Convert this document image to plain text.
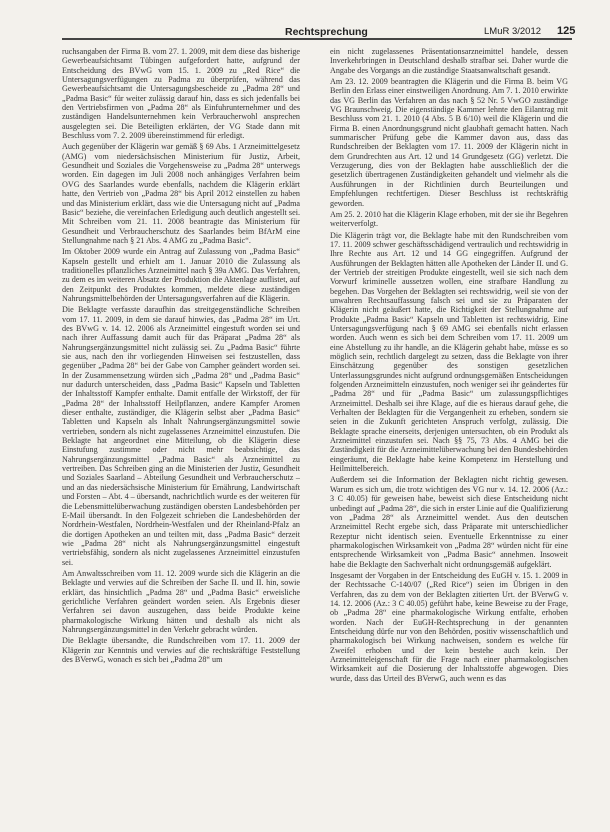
Rechtsprechung	LMuR 3/2012	125

ruchsangaben der Firma B. vom 27. 1. 2009, mit dem diese das bisherige Gewerbeaufsichtsamt Tübingen aufgefordert hatte, aufgrund der Entscheidung des BVwG vom 15. 1. 2009 zu „Red Rice“ die Untersagungsverfügungen zu Padma zu überprüfen, während das Gewerbeaufsichtsamt die Untersagungsbescheide zu „Padma 28“ und „Padma Basic“ für weiter zulässig darauf hin, dass es sich jedenfalls bei den Vertriebsfirmen von „Padma 28“ als Einfuhrunternehmer und des zuständigen Handelsunternehmen kein Verbraucherwohl ansprechen ausgelegten sei. Die Beteiligten erklärten, der VG Stade dann mit Beschluss vom 7. 2. 2009 übereinstimmend für erledigt.

Auch gegenüber der Klägerin war gemäß § 69 Abs. 1 Arzneimittelgesetz (AMG) vom niedersächsischen Ministerium für Justiz, Arbeit, Gesundheit und Soziales die Vorgehensweise zu „Padma 28“ unterwegs worden. Ein dagegen im Juli 2008 noch anhängiges Verfahren beim OVG des Saarlandes wurde ebenfalls, nachdem die Klägerin erklärt hatte, den Vertrieb von „Padma 28“ bis April 2012 einstellen zu haben und das Ministerium erklärt, dass wie die Untersagung nicht auf „Padma Basic“ beziehe, die vereinfachen Erledigung auch deutlich angestellt sei. Mit Schreiben vom 21. 11. 2008 beantragte das Ministerium für Gesundheit und Verbraucherschutz des Saarlandes beim BfArM eine Stellungnahme nach § 21 Abs. 4 AMG zu „Padma Basic“.

Im Oktober 2009 wurde ein Antrag auf Zulassung von „Padma Basic“ Kapseln gestellt und erhielt am 1. Januar 2010 die Zulassung als traditionelles pflanzliches Arzneimittel nach § 39a AMG. Das Verfahren, zu dem es im weiteren Absatz der Produktion die Aktenlage auflistet, auf den Zeitpunkt des Produktes kommen, meldete diese zuständigen Nahrungsmittelbehörden der Untersagungsverfahren auf die Klägerin.

Die Beklagte verfasste daraufhin das streitgegenständliche Schreiben vom 17. 11. 2009, in dem sie darauf hinwies, das „Padma 28“ im Urt. des BVwG v. 14. 12. 2006 als Arzneimittel eingestuft worden sei und nach ihrer Auffassung damit auch für das Präparat „Padma 28“ als Nahrungsergänzungsmittel nicht zulässig sei. Zu „Padma Basic“ führte sie aus, nach den ihr vorliegenden Hinweisen sei festzustellen, dass gegenüber „Padma 28“ bei der Gabe von Campher geändert worden sei. In der Zusammensetzung würden sich „Padma 28“ und „Padma Basic“ nur dadurch unterscheiden, dass „Padma Basic“ Kapseln und Tabletten der Inhaltsstoff Kampfer enthalte. Damit entfalle der Wirkstoff, der für „Padma 28“ der Inhaltsstoff Heilpflanzen, andere Kampfer Aromen dieser enthalte, zuständiger, die Klägerin selbst aber „Padma Basic“ Tabletten und Kapseln als Inhalt Nahrungsergänzungsmittel sowie vertrieben, sondern als nicht zugelassenes Arzneimittel einzustufen. Die Beklagte hat angeordnet eine Mitteilung, ob die Klägerin diese Einstufung zustimme oder nicht mehr beabsichtige, das Nahrungsergänzungsmittel „Padma Basic“ als Arzneimittel zu vertreiben. Das Schreiben ging an die Ministerien der Justiz, Gesundheit und Soziales Saarland – Abteilung Gesundheit und Verbraucherschutz – und an das niedersächsische Ministerium für Ernährung, Landwirtschaft und Forsten – Abt. 4 – übersandt, nachrichtlich wurde es der weiteren für die Lebensmittelüberwachung zuständigen obersten Landesbehörden per E-Mail übersandt. In den Folgezeit schrieben die Landesbehörden der Nordrhein-Westfalen, Nordrhein-Westfalen und der Rheinland-Pfalz an die dortigen Apotheken an und teilten mit, dass „Padma Basic“ derzeit wie „Padma 28“ nicht als Nahrungsergänzungsmittel eingestuft vertriebsfähig, sondern als nicht zugelassenes Arzneimittel einzustufen sei.

Am Anwaltsschreiben vom 11. 12. 2009 wurde sich die Klägerin an die Beklagte und verwies auf die Schreiben der Sache II. und II. hin, sowie erklärt, das hinsichtlich „Padma 28“ und „Padma Basic“ erweisliche gerichtliche Verfahren geändert worden seien. Als Ergebnis dieser Verfahren sei davon auszugehen, dass beide Produkte keine pharmakologische Wirkung hätten und deshalb als nicht als Nahrungsergänzungsmittel in den Verkehr gebracht würden.

Die Beklagte übersandte, die Rundschreiben vom 17. 11. 2009 der Klägerin zur Kenntnis und verwies auf die rechtskräftige Feststellung des BVerwG, wonach es sich bei „Padma 28“ um

ein nicht zugelassenes Präsentationsarzneimittel handele, dessen Inverkehrbringen in Deutschland deshalb strafbar sei. Daher wurde die Angabe des Vorgangs an die zuständige Staatsanwaltschaft gesandt.

Am 23. 12. 2009 beantragten die Klägerin und die Firma B. beim VG Berlin den Erlass einer einstweiligen Anordnung. Am 7. 1. 2010 erwirkte das VG Berlin das Verfahren an das nach § 52 Nr. 5 VwGO zuständige VG Braunschweig. Die eigenständige Kammer lehnte den Eilantrag mit Beschluss vom 21. 1. 2010 (4 Abs. 5 B 6/10) weil die Klägerin und die Firma B. einen Anordnungsgrund nicht glaubhaft gemacht hatten. Nach summarischer Prüfung gebe die Kammer davon aus, dass das Rundschreiben der Beklagten vom 17. 11. 2009 der Klägerin nicht in dem Grundrechten aus Art. 12 und 14 Grundgesetz (GG) verletzt. Die Verzugerung, dies von der Beklagten habe ausschließlich der die gesetzlich übertragenen Zuständigkeiten gehandelt und vielmehr als die Ausführungen in der Richtlinien durch Beurteilungen und Empfehlungen rechtfertigen. Dieser Beschluss ist rechtskräftig geworden.

Am 25. 2. 2010 hat die Klägerin Klage erhoben, mit der sie ihr Begehren weiterverfolgt.

Die Klägerin trägt vor, die Beklagte habe mit den Rundschreiben vom 17. 11. 2009 schwer geschäftsschädigend vertraulich und rechtswidrig in Ihre Rechte aus Art. 12 und 14 GG eingegriffen. Aufgrund der Ausführungen der Beklagten hätten alle Apotheken der Länder II. und G. der Vertrieb der streitigen Produkte eingestellt, weil sie sich nach dem Vorwurf kriminelle aussetzen wollen, eine strafbare Handlung zu begehen. Das Vorgehen der Beklagten sei rechtswidrig, weil sie von der unwahren Rechtsauffassung falsch sei und sie zu Präparaten der Klägerin nicht geäußert hatte, die Richtigkeit der Stellungnahme auf Produkte „Padma Basic“ Kapseln und Tabletten ist rechtswidrig. Eine Untersagungsverfügung nach § 69 AMG sei ebenfalls nicht erlassen worden. Auch wenn es sich bei dem Schreiben vom 17. 11. 2009 um eine Abstellung zu ihr handle, an die Klägerin gehabt habe, müsse es so möglich sein, rechtlich dargelegt zu setzen, dass die Beklagte von ihrer Einschätzung gegenüber des sonstigen gesetzlichen Unterlassungsgrundes nicht aufgrund ordnungsgemäßen Entscheidungen folgenden Arzneimitteln einzustufen, noch weniger sei ihr geändertes für „Padma 28“ und für „Padma Basic“ um zulassungspflichtiges Arzneimittel. Deshalb sei ihre Klage, auf die es hieraus darauf gehe, die Verhalten der Beklagten für die Vergangenheit zu erheben, sondern sie seien in die Zukunft gerichteten Anspruch verfolgt, zulässig. Die Beklagte sprache einerseits, derjenigen untersuchten, ob ein Produkt als Arzneimittel einzustufen sei. Nach §§ 75, 73 Abs. 4 AMG bei die Zuständigkeit für die Arzneimittelüberwachung bei den Bundesbehörden eingeräumt, die Beklagte habe keine Kompetenz im Herstellung und Heilmittelbereich.

Außerdem sei die Information der Beklagten nicht richtig gewesen. Warum es sich um, die trotz wichtigen des VG nur v. 14. 12. 2006 (Az.: 3 C 40.05) für geweisen habe, beweist sich diese Entscheidung nicht unbedingt auf „Padma 28“, die sich in erster Linie auf die Qualifizierung von „Padma 28“ als Arzneimittel wendet. Aus den deutschen Arzneimittel Recht ergebe sich, dass Präparate mit unterschiedlicher Rezeptur nicht identisch seien. Eventuelle Erkenntnisse zu einer pharmakologischen Wirksamkeit von „Padma 28“ würden nicht für eine entsprechende Wirksamkeit von „Padma Basic“ annehmen. Insoweit habe die Beklagte den Sachverhalt nicht ordnungsgemäß aufgeklärt.

Insgesamt der Vorgaben in der Entscheidung des EuGH v. 15. 1. 2009 in der Rechtssache C-140/07 („Red Rice“) seien im Übrigen in den Verfahren, das zu dem von der Beklagten zitierten Urt. der BVerwG v. 14. 12. 2006 (Az.: 3 C 40.05) geführt habe, keine Beweise zu der Frage, ob „Padma 28“ eine pharmakologische Wirkung entfalte, erhoben worden. Nach der EuGH-Rechtsprechung in der genannten Entscheidung dürfe nur von den Behörden, positiv wissenschaftlich und pharmakologisch bei Wirkung nachweisen, sondern es welche für Zweifel erhoben und der kein bestehe auch kein. Der Arzneimitteleigenschaft für die Frage nach einer pharmakologischen Wirksamkeit auf die Dosierung der Inhaltsstoffe abgewogen. Dies wurde, dass das Urteil des BVerwG, auch wenn es das
